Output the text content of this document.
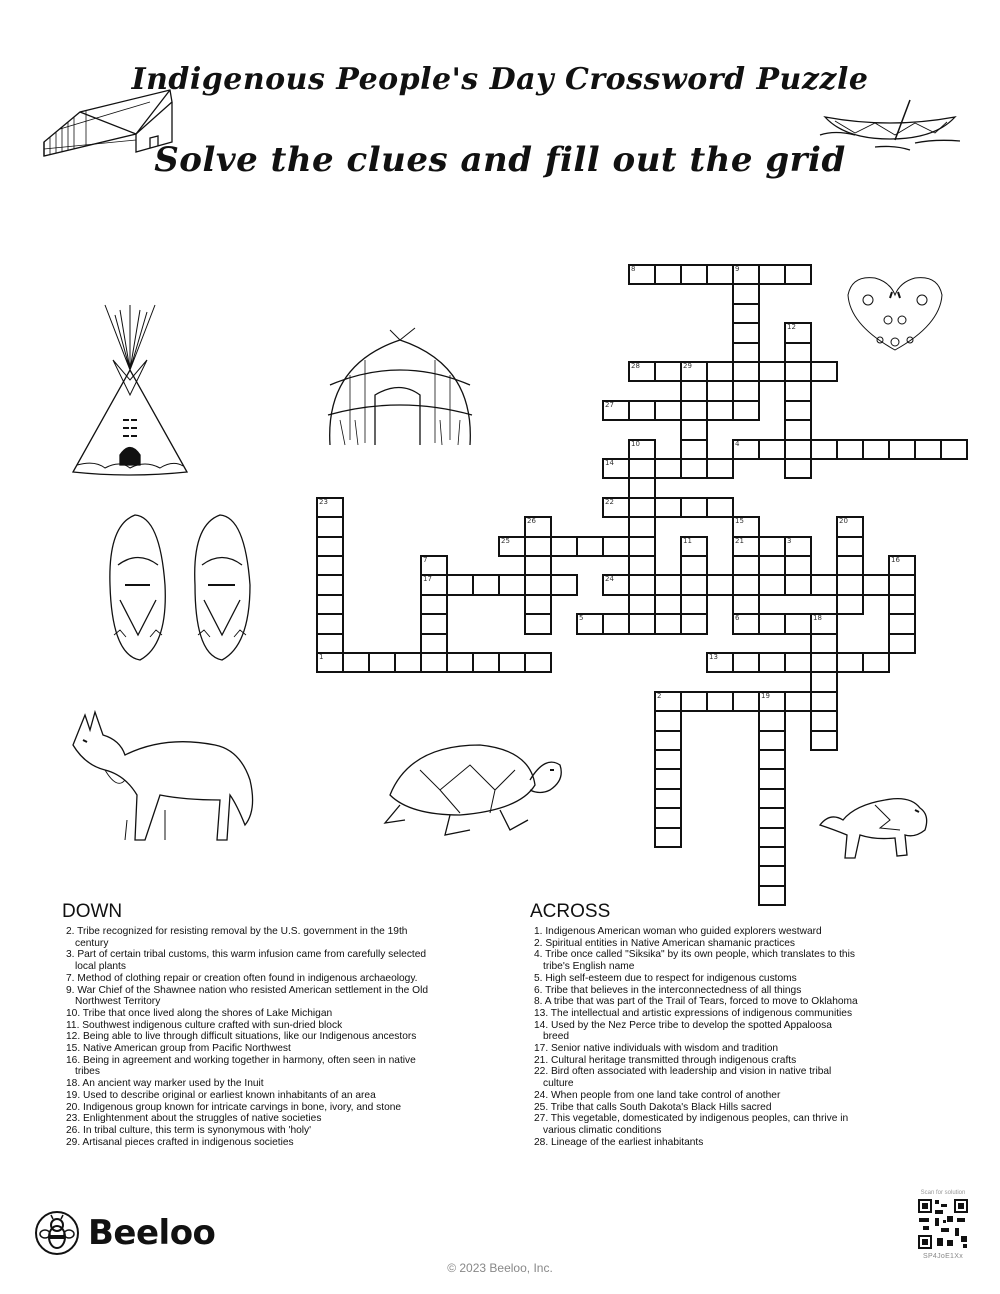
Indigenous People's Day Crossword Puzzle
Solve the clues and fill out the grid
8	9
12
28	29
27
10	4
14
22
23
1
26	15
21
6
20
25	11	3
7
17
16
24
5	18
13
2	19
DOWN
2. Tribe recognized for resisting removal by the U.S. government in the 19th century
3. Part of certain tribal customs, this warm infusion came from carefully selected local plants
7. Method of clothing repair or creation often found in indigenous archaeology.
9. War Chief of the Shawnee nation who resisted American settlement in the Old Northwest Territory
10. Tribe that once lived along the shores of Lake Michigan
11. Southwest indigenous culture crafted with sun-dried block
12. Being able to live through difficult situations, like our Indigenous ancestors
15. Native American group from Pacific Northwest
16. Being in agreement and working together in harmony, often seen in native tribes
18. An ancient way marker used by the Inuit
19. Used to describe original or earliest known inhabitants of an area
20. Indigenous group known for intricate carvings in bone, ivory, and stone
23. Enlightenment about the struggles of native societies
26. In tribal culture, this term is synonymous with 'holy'
29. Artisanal pieces crafted in indigenous societies
ACROSS
1. Indigenous American woman who guided explorers westward
2. Spiritual entities in Native American shamanic practices
4. Tribe once called "Siksika" by its own people, which translates to this tribe's English name
5. High self-esteem due to respect for indigenous customs
6. Tribe that believes in the interconnectedness of all things
8. A tribe that was part of the Trail of Tears, forced to move to Oklahoma
13. The intellectual and artistic expressions of indigenous communities
14. Used by the Nez Perce tribe to develop the spotted Appaloosa breed
17. Senior native individuals with wisdom and tradition
21. Cultural heritage transmitted through indigenous crafts
22. Bird often associated with leadership and vision in native tribal culture
24. When people from one land take control of another
25. Tribe that calls South Dakota's Black Hills sacred
27. This vegetable, domesticated by indigenous peoples, can thrive in various climatic conditions
28. Lineage of the earliest inhabitants
Beeloo
© 2023 Beeloo, Inc.
Scan for solution
SP4JoE1Xx
